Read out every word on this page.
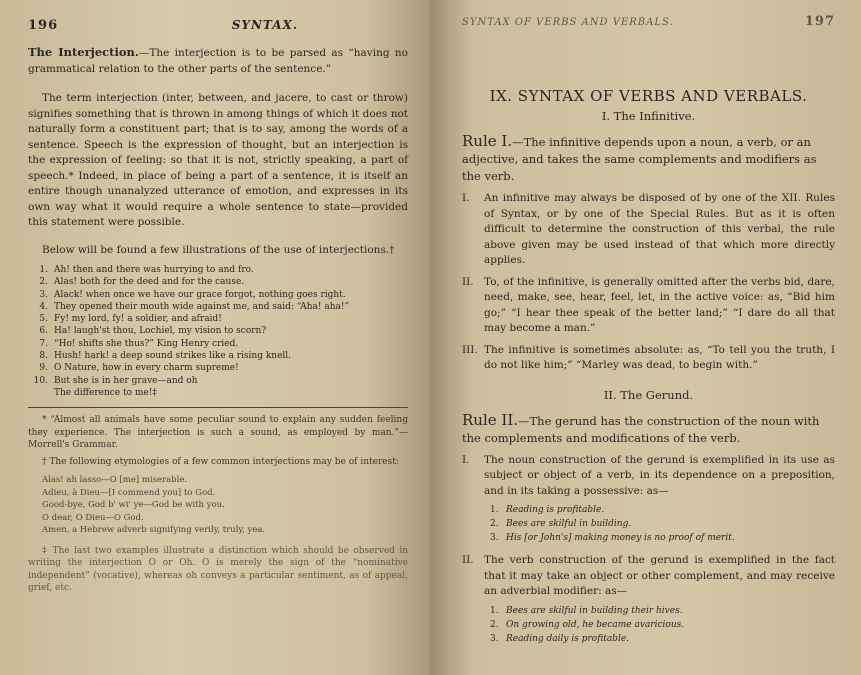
196	SYNTAX.

The Interjection.—The interjection is to be parsed as “having no grammatical relation to the other parts of the sentence.”

The term interjection (inter, between, and jacere, to cast or throw) signifies something that is thrown in among things of which it does not naturally form a constituent part; that is to say, among the words of a sentence. Speech is the expression of thought, but an interjection is the expression of feeling: so that it is not, strictly speaking, a part of speech.* Indeed, in place of being a part of a sentence, it is itself an entire though unanalyzed utterance of emotion, and expresses in its own way what it would require a whole sentence to state—provided this statement were possible.

Below will be found a few illustrations of the use of interjections.†

1. Ah! then and there was hurrying to and fro.
2. Alas! both for the deed and for the cause.
3. Alack! when once we have our grace forgot, nothing goes right.
4. They opened their mouth wide against me, and said: “Aha! aha!”
5. Fy! my lord, fy! a soldier, and afraid!
6. Ha! laugh'st thou, Lochiel, my vision to scorn?
7. “Ho! shifts she thus?” King Henry cried.
8. Hush! hark! a deep sound strikes like a rising knell.
9. O Nature, how in every charm supreme!
10. But she is in her grave—and oh
The difference to me!‡

* “Almost all animals have some peculiar sound to explain any sudden feeling they experience. The interjection is such a sound, as employed by man.”—Morrell's Grammar.

† The following etymologies of a few common interjections may be of interest:

Alas! ah lasso—O [me] miserable.
Adieu, à Dieu—[I commend you] to God.
Good-bye, God b' wi' ye—God be with you.
O dear, O Dieu—O God.
Amen, a Hebrew adverb signifying verily, truly, yea.

‡ The last two examples illustrate a distinction which should be observed in writing the interjection O or Oh. O is merely the sign of the “nominative independent” (vocative), whereas oh conveys a particular sentiment, as of appeal, grief, etc.

SYNTAX OF VERBS AND VERBALS.	197
IX. SYNTAX OF VERBS AND VERBALS.
I. The Infinitive.

Rule I.—The infinitive depends upon a noun, a verb, or an adjective, and takes the same complements and modifiers as the verb.

I.	An infinitive may always be disposed of by one of the XII. Rules of Syntax, or by one of the Special Rules. But as it is often difficult to determine the construction of this verbal, the rule above given may be used instead of that which more directly applies.
II. To, of the infinitive, is generally omitted after the verbs bid, dare, need, make, see, hear, feel, let, in the active voice: as, “Bid him go;” “I hear thee speak of the better land;” “I dare do all that may become a man.”
III. The infinitive is sometimes absolute: as, “To tell you the truth, I do not like him;” “Marley was dead, to begin with.”
II. The Gerund.

Rule II.—The gerund has the construction of the noun with the complements and modifications of the verb.

I.	The noun construction of the gerund is exemplified in its use as subject or object of a verb, in its dependence on a preposition, and in its taking a possessive: as—
1. Reading is profitable.
2. Bees are skilful in building.
3. His [or John's] making money is no proof of merit.
II. The verb construction of the gerund is exemplified in the fact that it may take an object or other complement, and may receive an adverbial modifier: as—
1. Bees are skilful in building their hives.
2. On growing old, he became avaricious.
3. Reading daily is profitable.
